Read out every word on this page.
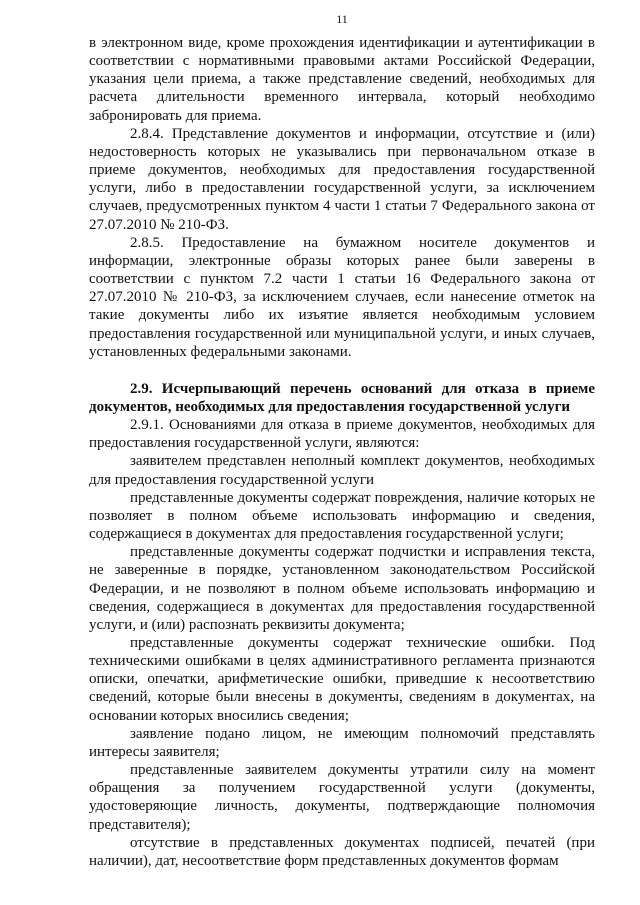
11

в электронном виде, кроме прохождения идентификации и аутентификации в соответствии с нормативными правовыми актами Российской Федерации, указания цели приема, а также представление сведений, необходимых для расчета длительности временного интервала, который необходимо забронировать для приема.

2.8.4. Представление документов и информации, отсутствие и (или) недостоверность которых не указывались при первоначальном отказе в приеме документов, необходимых для предоставления государственной услуги, либо в предоставлении государственной услуги, за исключением случаев, предусмотренных пунктом 4 части 1 статьи 7 Федерального закона от 27.07.2010 № 210-ФЗ.

2.8.5. Предоставление на бумажном носителе документов и информации, электронные образы которых ранее были заверены в соответствии с пунктом 7.2 части 1 статьи 16 Федерального закона от 27.07.2010 № 210-ФЗ, за исключением случаев, если нанесение отметок на такие документы либо их изъятие является необходимым условием предоставления государственной или муниципальной услуги, и иных случаев, установленных федеральными законами.

2.9. Исчерпывающий перечень оснований для отказа в приеме документов, необходимых для предоставления государственной услуги

2.9.1. Основаниями для отказа в приеме документов, необходимых для предоставления государственной услуги, являются:

заявителем представлен неполный комплект документов, необходимых для предоставления государственной услуги

представленные документы содержат повреждения, наличие которых не позволяет в полном объеме использовать информацию и сведения, содержащиеся в документах для предоставления государственной услуги;

представленные документы содержат подчистки и исправления текста, не заверенные в порядке, установленном законодательством Российской Федерации, и не позволяют в полном объеме использовать информацию и сведения, содержащиеся в документах для предоставления государственной услуги, и (или) распознать реквизиты документа;

представленные документы содержат технические ошибки. Под техническими ошибками в целях административного регламента признаются описки, опечатки, арифметические ошибки, приведшие к несоответствию сведений, которые были внесены в документы, сведениям в документах, на основании которых вносились сведения;

заявление подано лицом, не имеющим полномочий представлять интересы заявителя;

представленные заявителем документы утратили силу на момент обращения за получением государственной услуги (документы, удостоверяющие личность, документы, подтверждающие полномочия представителя);

отсутствие в представленных документах подписей, печатей (при наличии), дат, несоответствие форм представленных документов формам
